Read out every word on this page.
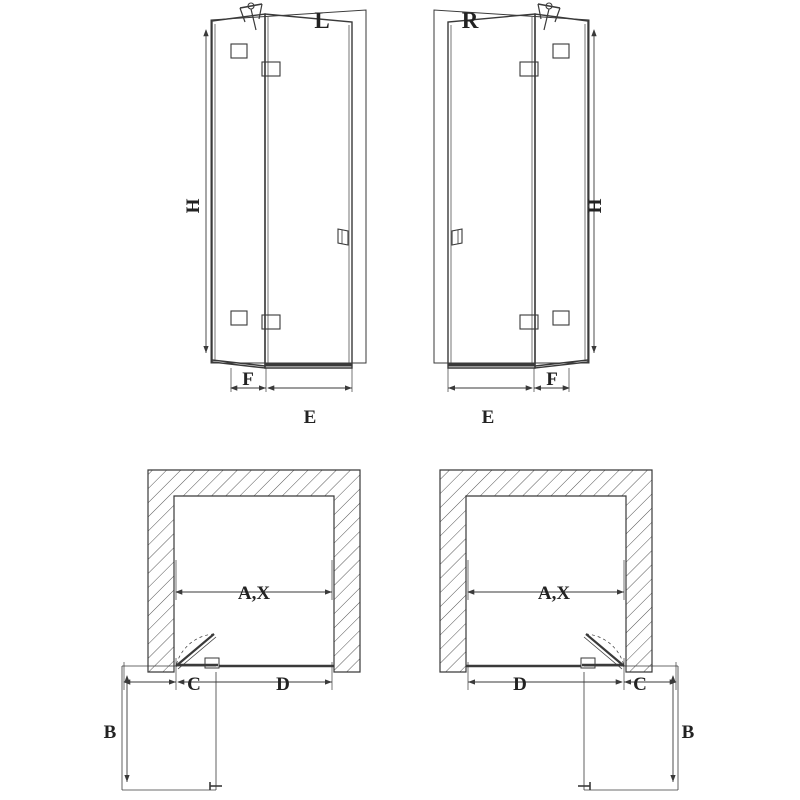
L	R
H	H
F
E
F
E
A,X	A,X
C	D	D	C
B	B
